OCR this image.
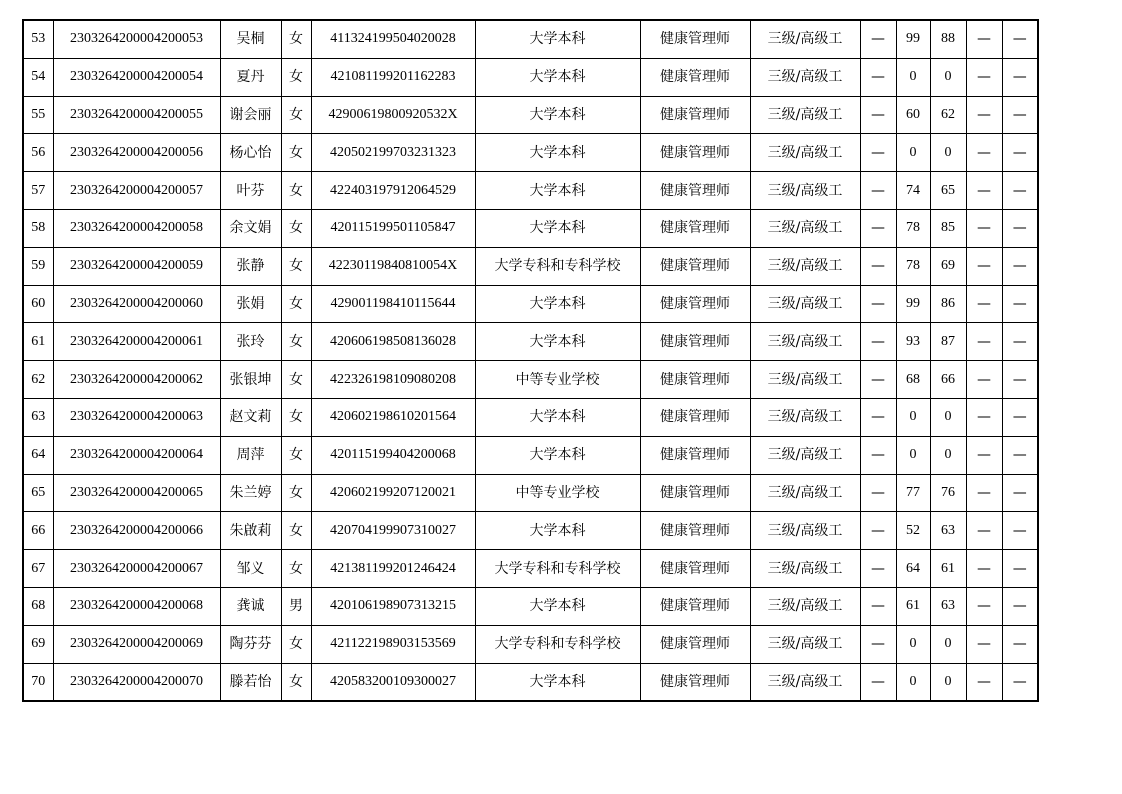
53	2303264200004200053	吴桐	女	411324199504020028	大学本科	健康管理师	三级/高级工	—	99	88	—	—
54	2303264200004200054	夏丹	女	421081199201162283	大学本科	健康管理师	三级/高级工	—	0	0	—	—
55	2303264200004200055	谢会丽	女	42900619800920532X	大学本科	健康管理师	三级/高级工	—	60	62	—	—
56	2303264200004200056	杨心怡	女	420502199703231323	大学本科	健康管理师	三级/高级工	—	0	0	—	—
57	2303264200004200057	叶芬	女	422403197912064529	大学本科	健康管理师	三级/高级工	—	74	65	—	—
58	2303264200004200058	余文娟	女	420115199501105847	大学本科	健康管理师	三级/高级工	—	78	85	—	—
59	2303264200004200059	张静	女	42230119840810054X	大学专科和专科学校	健康管理师	三级/高级工	—	78	69	—	—
60	2303264200004200060	张娟	女	429001198410115644	大学本科	健康管理师	三级/高级工	—	99	86	—	—
61	2303264200004200061	张玲	女	420606198508136028	大学本科	健康管理师	三级/高级工	—	93	87	—	—
62	2303264200004200062	张银坤	女	422326198109080208	中等专业学校	健康管理师	三级/高级工	—	68	66	—	—
63	2303264200004200063	赵文莉	女	420602198610201564	大学本科	健康管理师	三级/高级工	—	0	0	—	—
64	2303264200004200064	周萍	女	420115199404200068	大学本科	健康管理师	三级/高级工	—	0	0	—	—
65	2303264200004200065	朱兰婷	女	420602199207120021	中等专业学校	健康管理师	三级/高级工	—	77	76	—	—
66	2303264200004200066	朱啟莉	女	420704199907310027	大学本科	健康管理师	三级/高级工	—	52	63	—	—
67	2303264200004200067	邹义	女	421381199201246424	大学专科和专科学校	健康管理师	三级/高级工	—	64	61	—	—
68	2303264200004200068	龚诚	男	420106198907313215	大学本科	健康管理师	三级/高级工	—	61	63	—	—
69	2303264200004200069	陶芬芬	女	421122198903153569	大学专科和专科学校	健康管理师	三级/高级工	—	0	0	—	—
70	2303264200004200070	滕若怡	女	420583200109300027	大学本科	健康管理师	三级/高级工	—	0	0	—	—
